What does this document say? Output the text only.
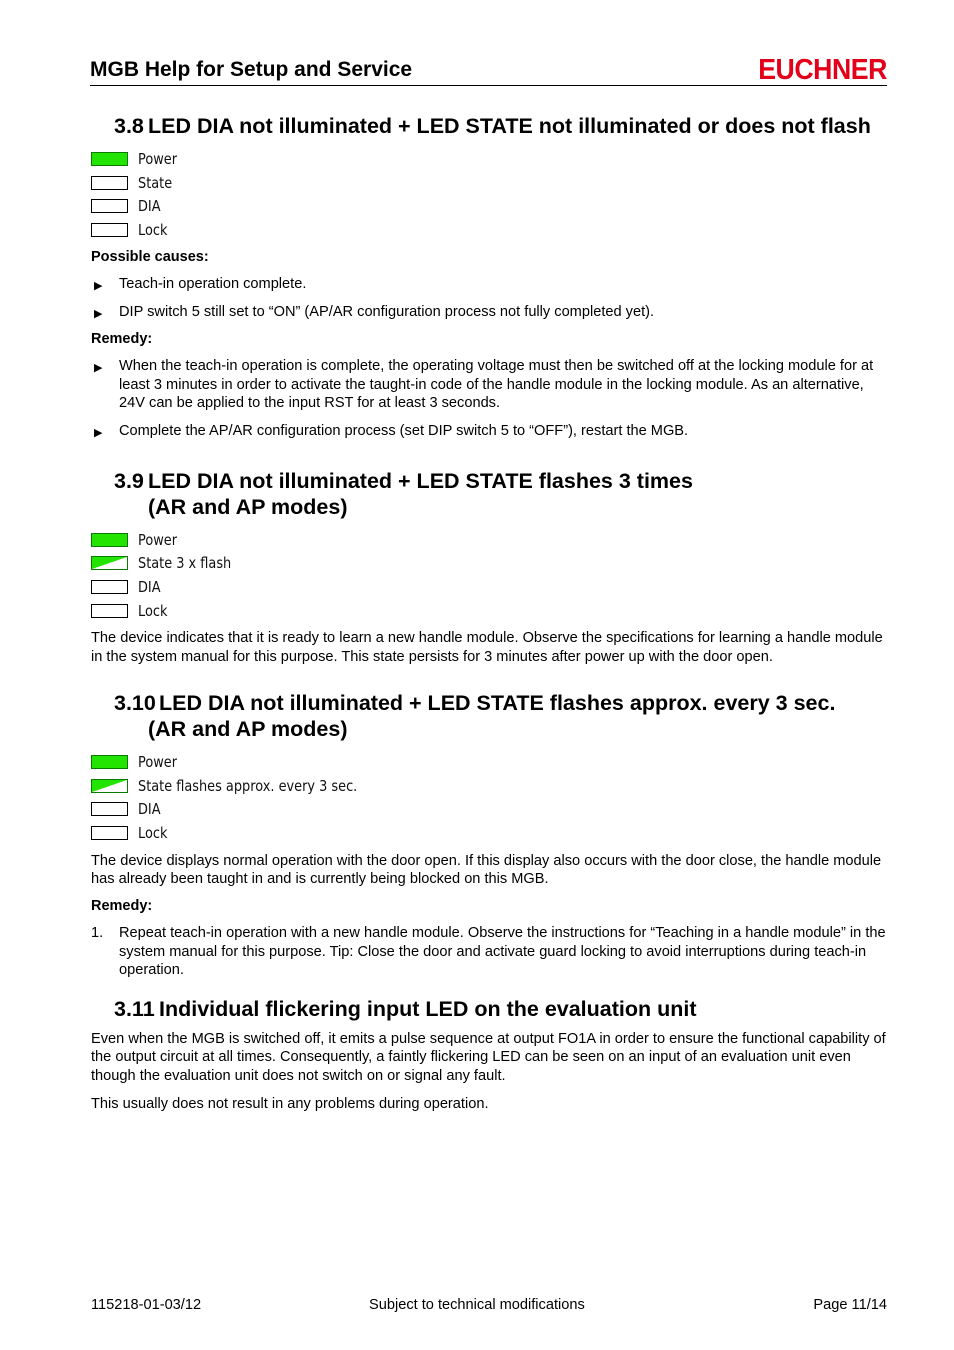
MGB Help for Setup and Service	EUCHNER
3.8 LED DIA not illuminated + LED STATE not illuminated or does not flash
Power
State
DIA
Lock
Possible causes:
▶ Teach-in operation complete.
▶ DIP switch 5 still set to “ON” (AP/AR configuration process not fully completed yet).
Remedy:
▶ When the teach-in operation is complete, the operating voltage must then be switched off at the locking module for at least 3 minutes in order to activate the taught-in code of the handle module in the locking module. As an alternative, 24V can be applied to the input RST for at least 3 seconds.
▶ Complete the AP/AR configuration process (set DIP switch 5 to “OFF”), restart the MGB.
3.9 LED DIA not illuminated + LED STATE flashes 3 times
(AR and AP modes)
Power
State 3 x flash
DIA
Lock
The device indicates that it is ready to learn a new handle module. Observe the specifications for learning a handle module in the system manual for this purpose. This state persists for 3 minutes after power up with the door open.
3.10 LED DIA not illuminated + LED STATE flashes approx. every 3 sec.
(AR and AP modes)
Power
State flashes approx. every 3 sec.
DIA
Lock
The device displays normal operation with the door open. If this display also occurs with the door close, the handle module has already been taught in and is currently being blocked on this MGB.
Remedy:
1. Repeat teach-in operation with a new handle module. Observe the instructions for “Teaching in a handle module” in the system manual for this purpose. Tip: Close the door and activate guard locking to avoid interruptions during teach-in operation.
3.11 Individual flickering input LED on the evaluation unit
Even when the MGB is switched off, it emits a pulse sequence at output FO1A in order to ensure the functional capability of the output circuit at all times. Consequently, a faintly flickering LED can be seen on an input of an evaluation unit even though the evaluation unit does not switch on or signal any fault.
This usually does not result in any problems during operation.
115218-01-03/12	Subject to technical modifications	Page 11/14
